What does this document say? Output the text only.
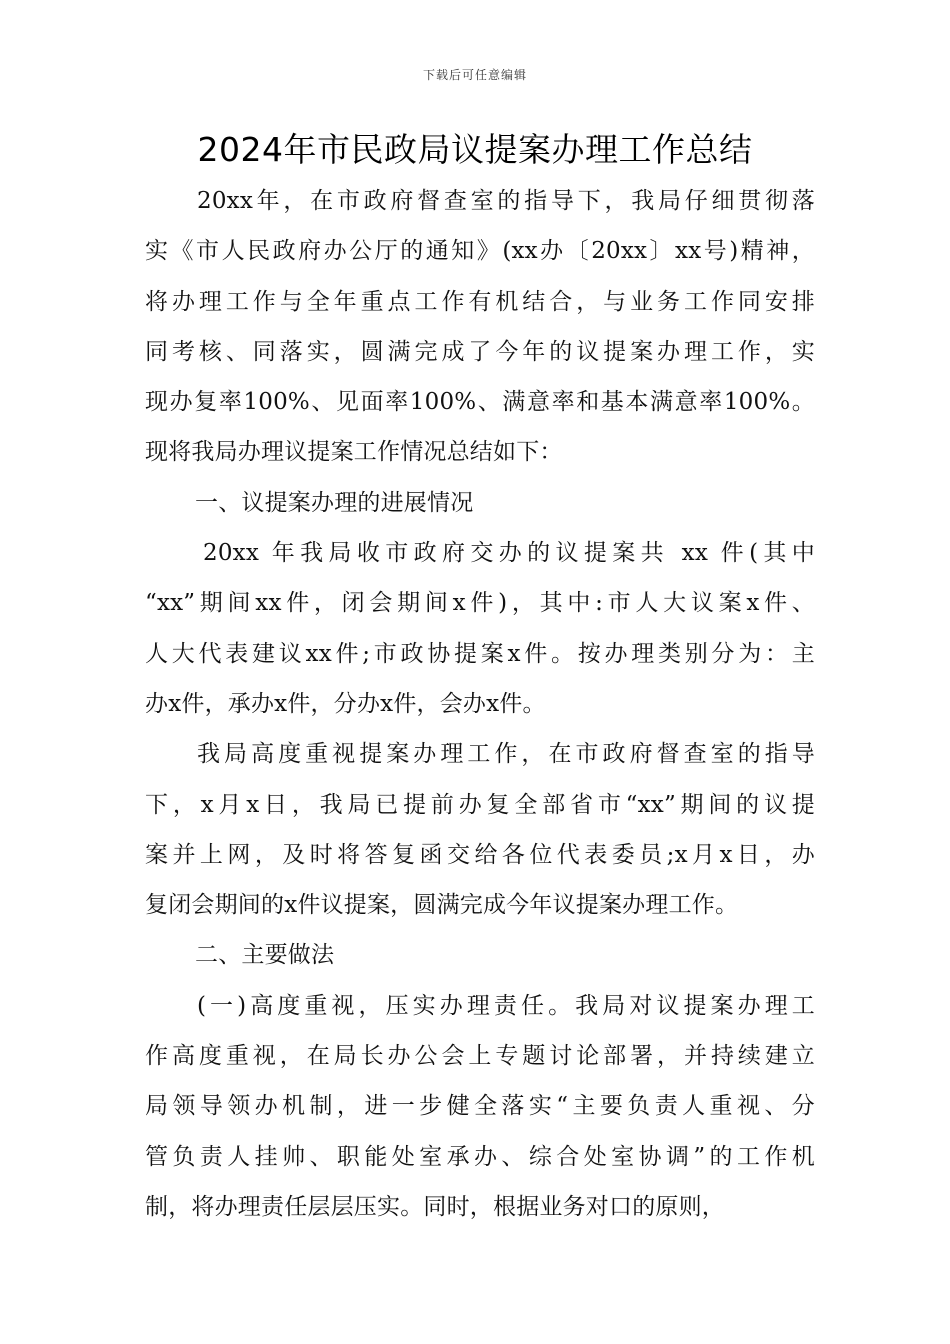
下载后可任意编辑
2024年市民政局议提案办理工作总结
20xx年，在市政府督查室的指导下，我局仔细贯彻落
实《市人民政府办公厅的通知》(xx办〔20xx〕xx号)精神，
将办理工作与全年重点工作有机结合，与业务工作同安排
同考核、同落实，圆满完成了今年的议提案办理工作，实
现办复率100%、见面率100%、满意率和基本满意率100%。
现将我局办理议提案工作情况总结如下：
一、议提案办理的进展情况
20xx 年我局收市政府交办的议提案共 xx 件(其中
“xx”期间xx件，闭会期间x件)，其中:市人大议案x件、
人大代表建议xx件;市政协提案x件。按办理类别分为：主
办x件，承办x件，分办x件，会办x件。
我局高度重视提案办理工作，在市政府督查室的指导
下，x月x日，我局已提前办复全部省市“xx”期间的议提
案并上网，及时将答复函交给各位代表委员;x月x日，办
复闭会期间的x件议提案，圆满完成今年议提案办理工作。
二、主要做法
(一)高度重视，压实办理责任。我局对议提案办理工
作高度重视，在局长办公会上专题讨论部署，并持续建立
局领导领办机制，进一步健全落实“主要负责人重视、分
管负责人挂帅、职能处室承办、综合处室协调”的工作机
制，将办理责任层层压实。同时，根据业务对口的原则，
